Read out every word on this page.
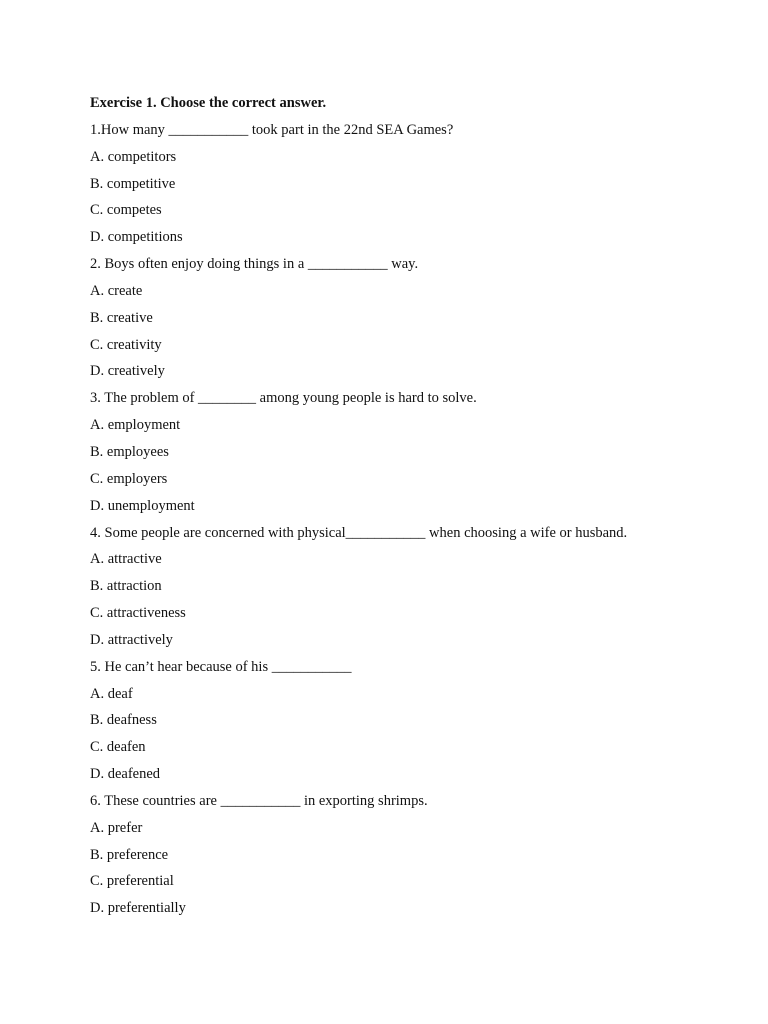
Exercise 1. Choose the correct answer.
1.How many ___________ took part in the 22nd SEA Games?
A. competitors
B. competitive
C. competes
D. competitions
2. Boys often enjoy doing things in a ___________ way.
A. create
B. creative
C. creativity
D. creatively
3. The problem of ________ among young people is hard to solve.
A. employment
B. employees
C. employers
D. unemployment
4. Some people are concerned with physical___________ when choosing a wife or husband.
A. attractive
B. attraction
C. attractiveness
D. attractively
5. He can’t hear because of his ___________
A. deaf
B. deafness
C. deafen
D. deafened
6. These countries are ___________ in exporting shrimps.
A. prefer
B. preference
C. preferential
D. preferentially
